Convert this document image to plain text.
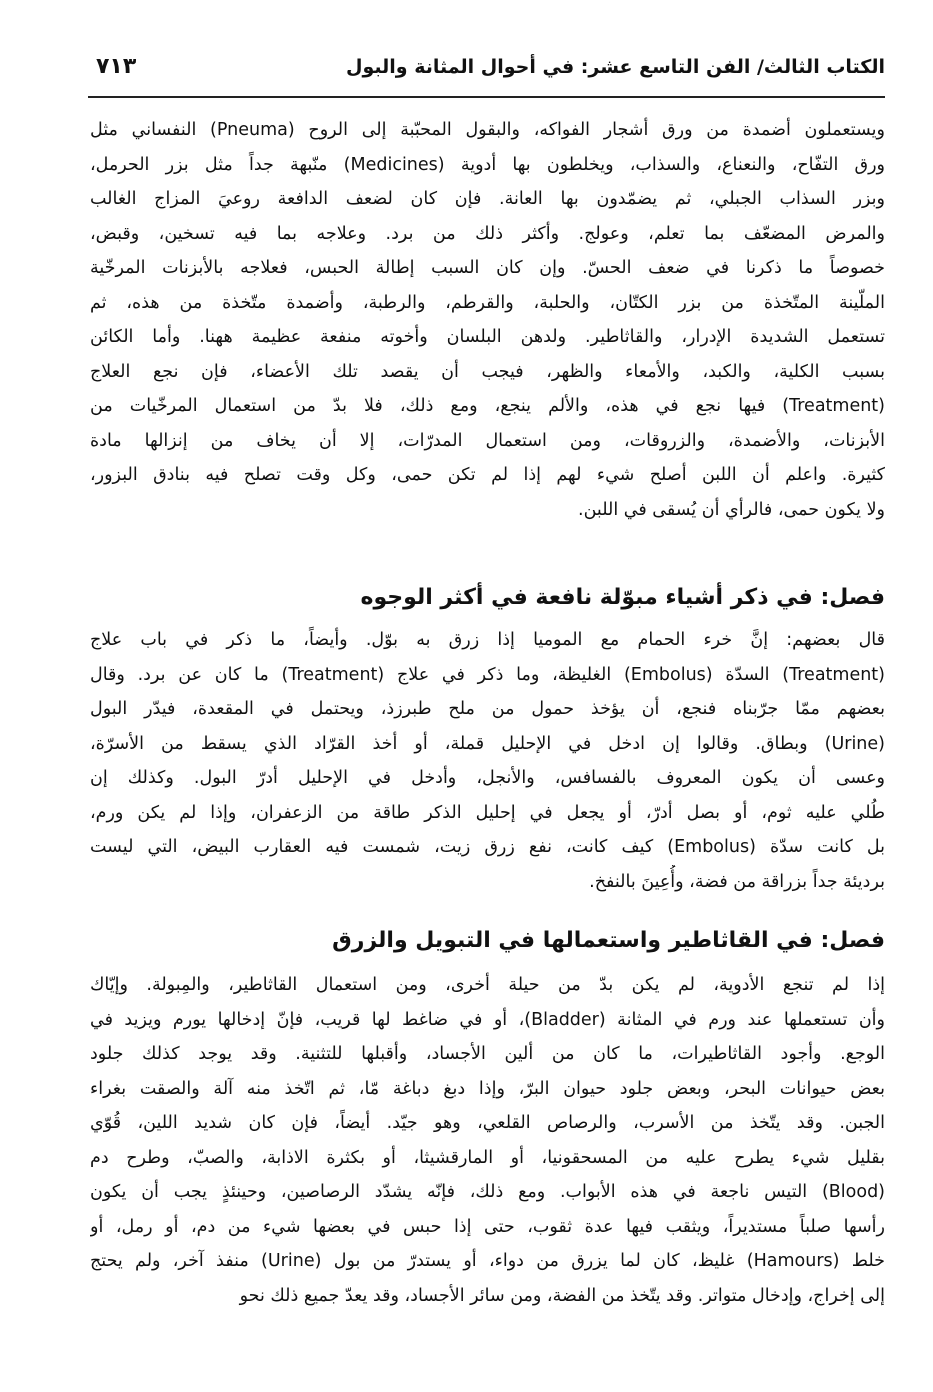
الكتاب الثالث/ الفن التاسع عشر: في أحوال المثانة والبول
٧١٣
ويستعملون أضمدة من ورق أشجار الفواكه، والبقول المحبّبة إلى الروح (Pneuma) النفساني مثل
ورق التفّاح، والنعناع، والسذاب، ويخلطون بها أدوية (Medicines) منّبهة جداً مثل بزر الحرمل،
وبزر السذاب الجبلي، ثم يضمّدون بها العانة. فإن كان لضعف الدافعة روعيَ المزاج الغالب
والمرض المضعّف بما تعلم، وعولج. وأكثر ذلك من برد. وعلاجه بما فيه تسخين، وقبض،
خصوصاً ما ذكرنا في ضعف الحسّ. وإن كان السبب إطالة الحبس، فعلاجه بالأبزنات المرخّية
الملّينة المتّخذة من بزر الكتّان، والحلبة، والقرطم، والرطبة، وأضمدة متّخذة من هذه، ثم
تستعمل الشديدة الإدرار، والقاثاطير. ولدهن البلسان وأخوته منفعة عظيمة ههنا. وأما الكائن
بسبب الكلية، والكبد، والأمعاء والظهر، فيجب أن يقصد تلك الأعضاء، فإن نجع العلاج
(Treatment) فيها نجع في هذه، والألم ينجع، ومع ذلك، فلا بدّ من استعمال المرخّيات من
الأبزنات، والأضمدة، والزروقات، ومن استعمال المدرّات، إلا أن يخاف من إنزالها مادة
كثيرة. واعلم أن اللبن أصلح شيء لهم إذا لم تكن حمى، وكل وقت تصلح فيه بنادق البزور،
ولا يكون حمى، فالرأي أن يُسقى في اللبن.
فصل: في ذكر أشياء مبوّلة نافعة في أكثر الوجوه
قال بعضهم: إنَّ خرء الحمام مع الموميا إذا زرق به بوّل. وأيضاً، ما ذكر في باب علاج
(Treatment) السدّة (Embolus) الغليظة، وما ذكر في علاج (Treatment) ما كان عن برد. وقال
بعضهم ممّا جرّبناه فنجع، أن يؤخذ حمول من ملح طبرزذ، ويحتمل في المقعدة، فيدّر البول
(Urine) وبطاق. وقالوا إن ادخل في الإحليل قملة، أو أخذ القرّاد الذي يسقط من الأسرّة،
وعسى أن يكون المعروف بالفسافس، والأنجل، وأدخل في الإحليل أدرّ البول. وكذلك إن
طُلي عليه ثوم، أو بصل أدرّ، أو يجعل في إحليل الذكر طاقة من الزعفران، وإذا لم يكن ورم،
بل كانت سدّة (Embolus) كيف كانت، نفع زرق زيت، شمست فيه العقارب البيض، التي ليست
بردیئة جداً بزراقة من فضة، وأُعِينَ بالنفخ.
فصل: في القاثاطير واستعمالها في التبويل والزرق
إذا لم تنجع الأدوية، لم يكن بدّ من حيلة أخرى، ومن استعمال القاثاطير، والمِبولة. وإيّاك
وأن تستعملها عند ورم في المثانة (Bladder)، أو في ضاغط لها قريب، فإنّ إدخالها يورم ويزيد في
الوجع. وأجود القاثاطيرات، ما كان من ألين الأجساد، وأقبلها للتثنية. وقد يوجد كذلك جلود
بعض حيوانات البحر، وبعض جلود حيوان البرّ، وإذا دبغ دباغة مّا، ثم اتّخذ منه آلة والصقت بغراء
الجبن. وقد يتّخذ من الأسرب، والرصاص القلعي، وهو جيّد. أيضاً، فإن كان شديد اللين، قُوّي
بقليل شيء يطرح عليه من المسحقونيا، أو المارقشيثا، أو بكثرة الاذابة، والصبّ، وطرح دم
(Blood) التيس ناجعة في هذه الأبواب. ومع ذلك، فإنّه يشدّد الرصاصين، وحينئذٍ يجب أن يكون
رأسها صلباً مستديراً، ويثقب فيها عدة ثقوب، حتى إذا حبس في بعضها شيء من دم، أو رمل، أو
خلط (Hamours) غليظ، كان لما يزرق من دواء، أو يستدرّ من بول (Urine) منفذ آخر، ولم يحتج
إلى إخراج، وإدخال متواتر. وقد يتّخذ من الفضة، ومن سائر الأجساد، وقد يعدّ جميع ذلك نحو
